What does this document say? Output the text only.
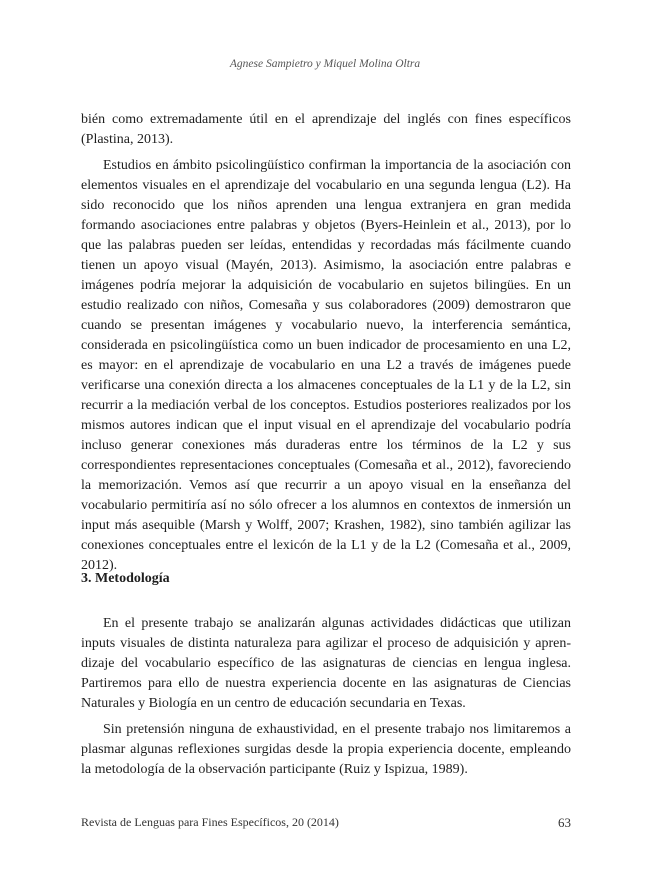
Agnese Sampietro y Miquel Molina Oltra

bién como extremadamente útil en el aprendizaje del inglés con fines específicos (Plastina, 2013).

Estudios en ámbito psicolingüístico confirman la importancia de la asociación con elementos visuales en el aprendizaje del vocabulario en una segunda lengua (L2). Ha sido reconocido que los niños aprenden una lengua extranjera en gran medida formando asociaciones entre palabras y objetos (Byers-Heinlein et al., 2013), por lo que las palabras pueden ser leídas, entendidas y recordadas más fácilmente cuando tienen un apoyo visual (Mayén, 2013). Asimismo, la asociación entre palabras e imágenes podría mejorar la adquisición de vocabulario en sujetos bilingües. En un estudio realizado con niños, Comesaña y sus colaboradores (2009) demostraron que cuando se presentan imágenes y vocabulario nuevo, la interferencia semántica, considerada en psicolingüística como un buen indicador de procesamiento en una L2, es mayor: en el aprendizaje de vocabulario en una L2 a través de imágenes puede verificarse una conexión directa a los almacenes conceptuales de la L1 y de la L2, sin recurrir a la mediación verbal de los conceptos. Estudios posteriores realizados por los mismos autores indican que el input visual en el aprendizaje del vocabulario podría incluso generar conexiones más duraderas entre los términos de la L2 y sus correspondientes representaciones conceptuales (Comesaña et al., 2012), favoreciendo la memorización. Vemos así que recurrir a un apoyo visual en la enseñanza del vocabulario permitiría así no sólo ofrecer a los alumnos en contextos de inmersión un input más asequible (Marsh y Wolff, 2007; Krashen, 1982), sino también agilizar las conexiones conceptuales entre el lexicón de la L1 y de la L2 (Comesaña et al., 2009, 2012).

3. Metodología

En el presente trabajo se analizarán algunas actividades didácticas que utilizan inputs visuales de distinta naturaleza para agilizar el proceso de adquisición y aprendizaje del vocabulario específico de las asignaturas de ciencias en lengua inglesa. Partiremos para ello de nuestra experiencia docente en las asignaturas de Ciencias Naturales y Biología en un centro de educación secundaria en Texas.

Sin pretensión ninguna de exhaustividad, en el presente trabajo nos limitaremos a plasmar algunas reflexiones surgidas desde la propia experiencia docente, empleando la metodología de la observación participante (Ruiz y Ispizua, 1989).

Revista de Lenguas para Fines Específicos, 20 (2014)	63
